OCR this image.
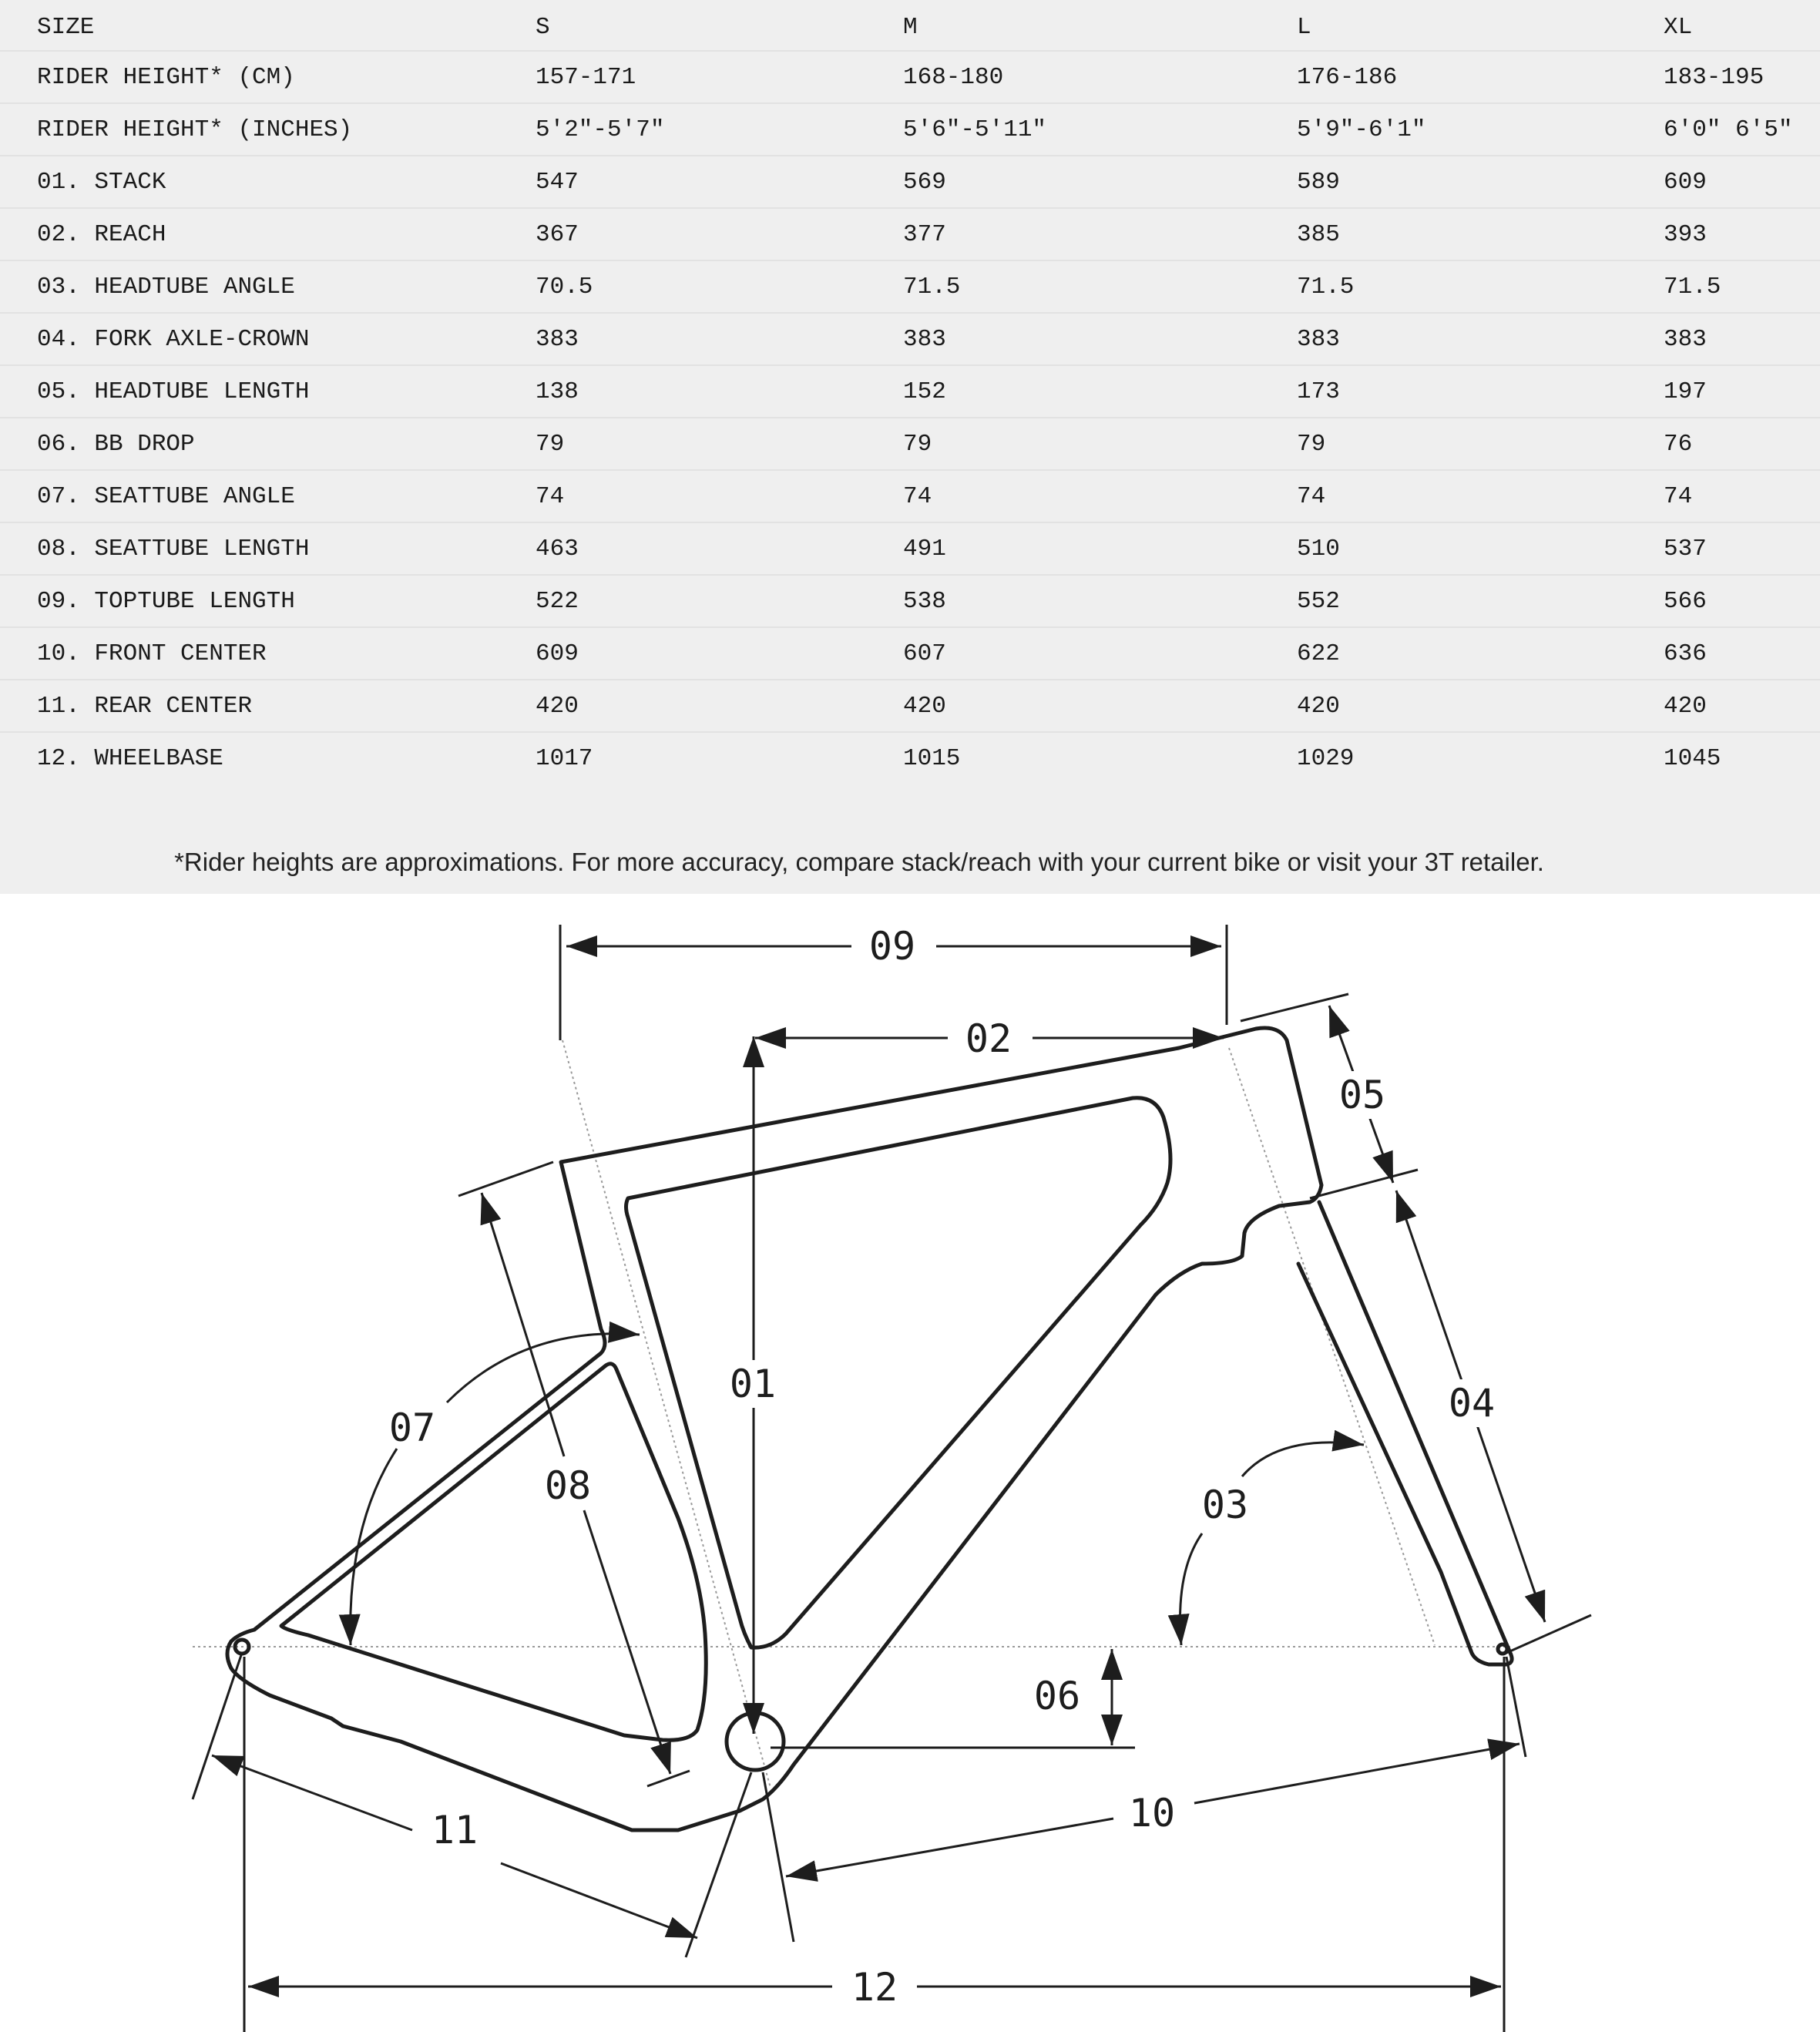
SIZE	S	M	L	XL
RIDER HEIGHT* (CM)	157-171	168-180	176-186	183-195
RIDER HEIGHT* (INCHES)	5'2"-5'7"	5'6"-5'11"	5'9"-6'1"	6'0" 6'5"
01. STACK	547	569	589	609
02. REACH	367	377	385	393
03. HEADTUBE ANGLE	70.5	71.5	71.5	71.5
04. FORK AXLE-CROWN	383	383	383	383
05. HEADTUBE LENGTH	138	152	173	197
06. BB DROP	79	79	79	76
07. SEATTUBE ANGLE	74	74	74	74
08. SEATTUBE LENGTH	463	491	510	537
09. TOPTUBE LENGTH	522	538	552	566
10. FRONT CENTER	609	607	622	636
11. REAR CENTER	420	420	420	420
12. WHEELBASE	1017	1015	1029	1045
*Rider heights are approximations. For more accuracy, compare stack/reach with your current bike or visit your 3T retailer.
09
02
01
05
04
03
07
08
06
11	10
12
